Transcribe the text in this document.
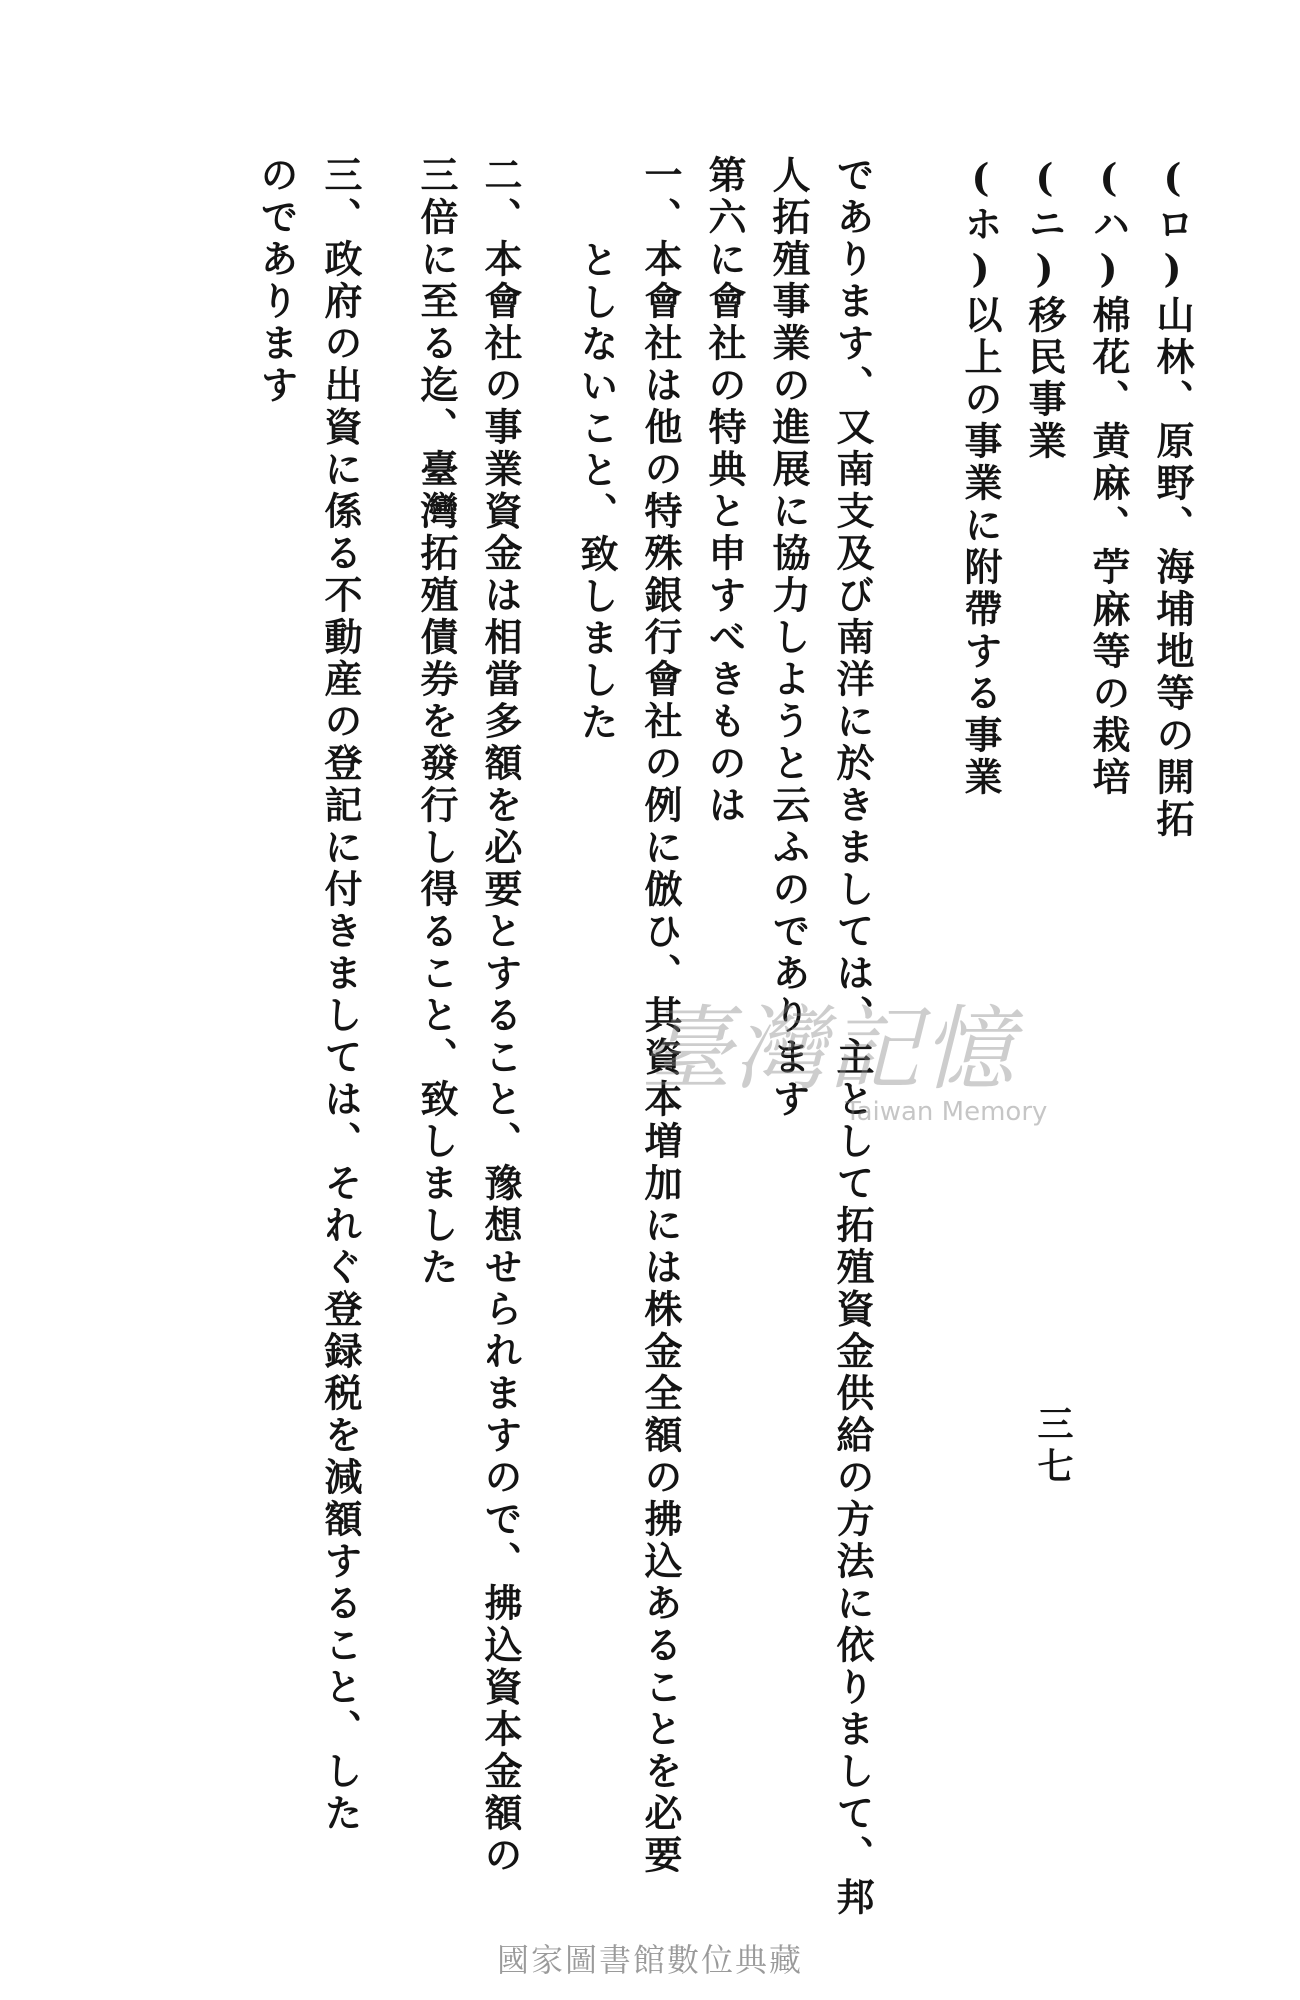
(ロ)山林、原野、海埔地等の開拓
(ハ)棉花、黄麻、苧麻等の栽培
(ニ)移民事業
(ホ)以上の事業に附帶する事業
であります、又南支及び南洋に於きましては、主として拓殖資金供給の方法に依りまして、邦
人拓殖事業の進展に協力しようと云ふのであります
第六に會社の特典と申すべきものは
一、本會社は他の特殊銀行會社の例に倣ひ、其資本増加には株金全額の拂込あることを必要
としないこと、致しました
二、本會社の事業資金は相當多額を必要とすること、豫想せられますので、拂込資本金額の
三倍に至る迄、臺灣拓殖債券を發行し得ること、致しました
三、政府の出資に係る不動産の登記に付きましては、それぐ登録税を減額すること、した
のであります
三七
臺灣記憶
Taiwan Memory
國家圖書館數位典藏
